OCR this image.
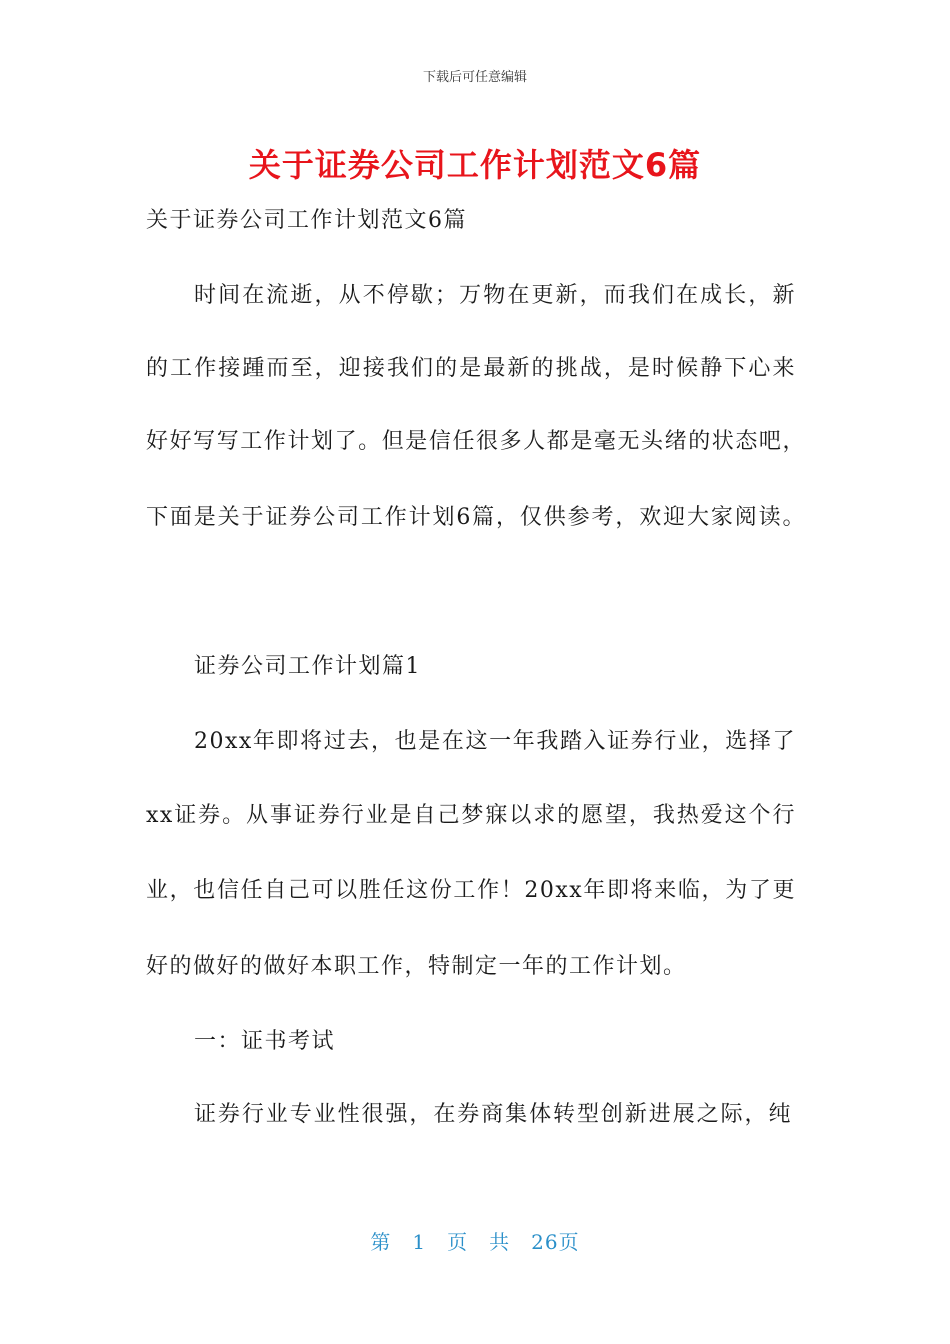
下载后可任意编辑
关于证券公司工作计划范文6篇
关于证券公司工作计划范文6篇
时间在流逝，从不停歇；万物在更新，而我们在成长，新
的工作接踵而至，迎接我们的是最新的挑战，是时候静下心来
好好写写工作计划了。但是信任很多人都是毫无头绪的状态吧，
下面是关于证券公司工作计划6篇，仅供参考，欢迎大家阅读。
证券公司工作计划篇1
20xx年即将过去，也是在这一年我踏入证券行业，选择了
xx证券。从事证券行业是自己梦寐以求的愿望，我热爱这个行
业，也信任自己可以胜任这份工作！20xx年即将来临，为了更
好的做好的做好本职工作，特制定一年的工作计划。
一：证书考试
证券行业专业性很强，在券商集体转型创新进展之际，纯
第　1　页　共　26页
